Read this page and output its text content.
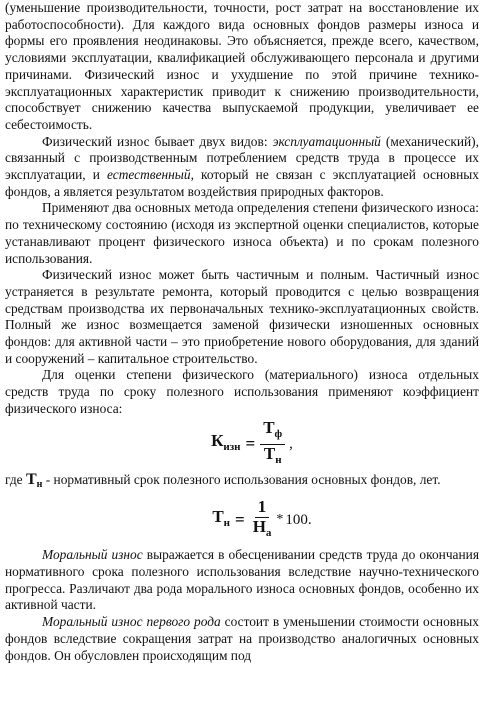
(уменьшение производительности, точности, рост затрат на восстановление их работоспособности). Для каждого вида основных фондов размеры износа и формы его проявления неодинаковы. Это объясняется, прежде всего, качеством, условиями эксплуатации, квалификацией обслуживающего персонала и другими причинами. Физический износ и ухудшение по этой причине технико-эксплуатационных характеристик приводит к снижению производительности, способствует снижению качества выпускаемой продукции, увеличивает ее себестоимость.

Физический износ бывает двух видов: эксплуатационный (механический), связанный с производственным потреблением средств труда в процессе их эксплуатации, и естественный, который не связан с эксплуатацией основных фондов, а является результатом воздействия природных факторов.

Применяют два основных метода определения степени физического износа: по техническому состоянию (исходя из экспертной оценки специалистов, которые устанавливают процент физического износа объекта) и по срокам полезного использования.

Физический износ может быть частичным и полным. Частичный износ устраняется в результате ремонта, который проводится с целью возвращения средствам производства их первоначальных технико-эксплуатационных свойств. Полный же износ возмещается заменой физически изношенных основных фондов: для активной части – это приобретение нового оборудования, для зданий и сооружений – капитальное строительство.

Для оценки степени физического (материального) износа отдельных средств труда по сроку полезного использования применяют коэффициент физического износа:

$К_{изн} = \frac{Т_ф}{Т_н}$ ,

где $Т_н$ - нормативный срок полезного использования основных фондов, лет.

$Т_н = \frac{1}{Н_а} * 100$ .

Моральный износ выражается в обесценивании средств труда до окончания нормативного срока полезного использования вследствие научно-технического прогресса. Различают два рода морального износа основных фондов, особенно их активной части.

Моральный износ первого рода состоит в уменьшении стоимости основных фондов вследствие сокращения затрат на производство аналогичных основных фондов. Он обусловлен происходящим под
